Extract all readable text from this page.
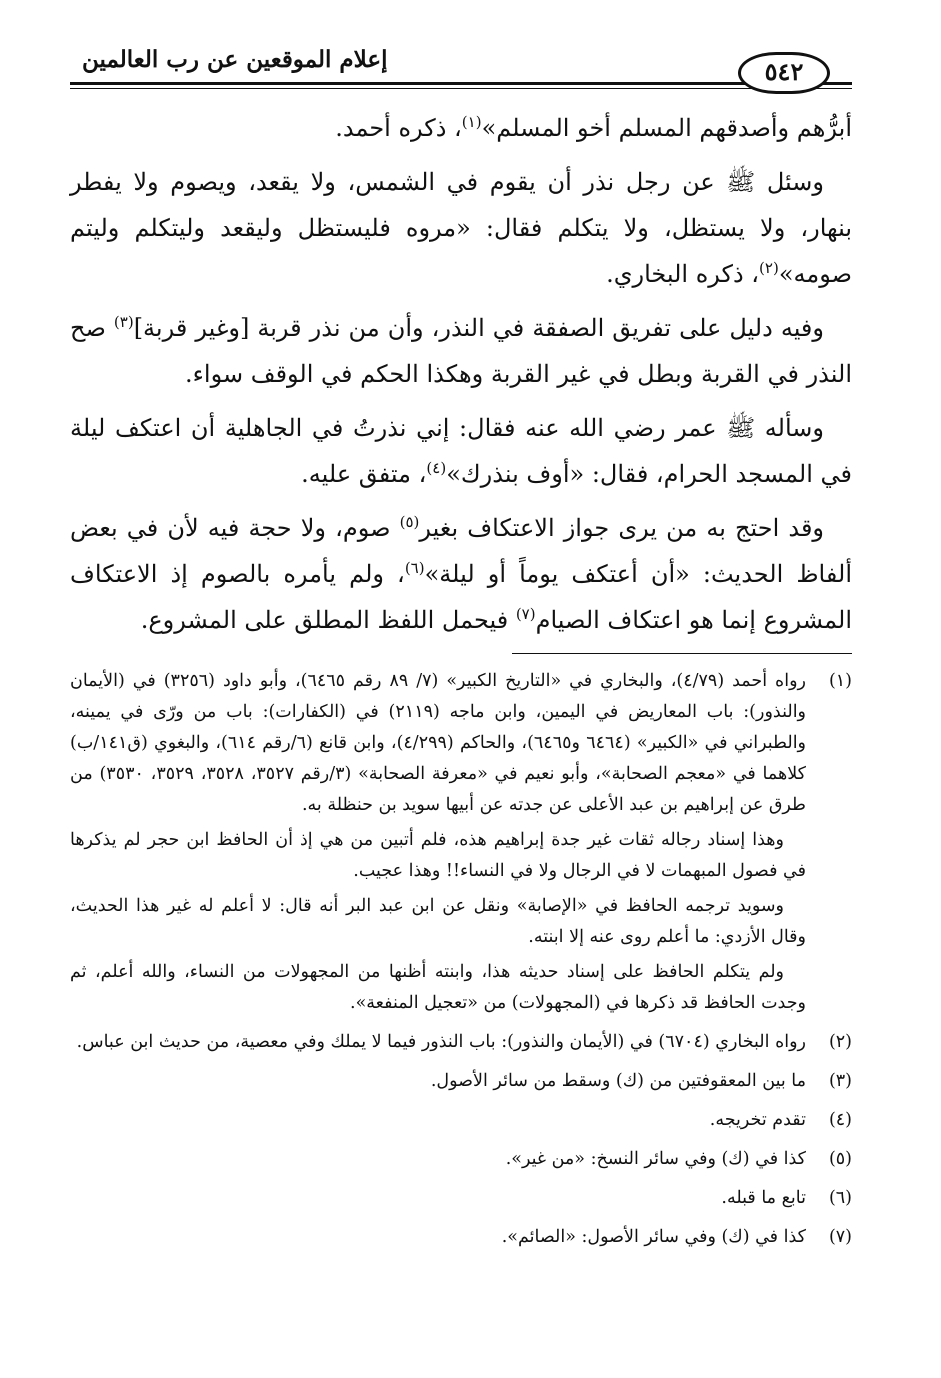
إعلام الموقعين عن رب العالمين	٥٤٢

أبرُّهم وأصدقهم المسلم أخو المسلم»$^{(١)}$، ذكره أحمد.

وسئل ﷺ عن رجل نذر أن يقوم في الشمس، ولا يقعد، ويصوم ولا يفطر بنهار، ولا يستظل، ولا يتكلم فقال: «مروه فليستظل وليقعد وليتكلم وليتم صومه»$^{(٢)}$، ذكره البخاري.

وفيه دليل على تفريق الصفقة في النذر، وأن من نذر قربة [وغير قربة]$^{(٣)}$ صح النذر في القربة وبطل في غير القربة وهكذا الحكم في الوقف سواء.

وسأله ﷺ عمر رضي الله عنه فقال: إني نذرتُ في الجاهلية أن اعتكف ليلة في المسجد الحرام، فقال: «أوف بنذرك»$^{(٤)}$، متفق عليه.

وقد احتج به من يرى جواز الاعتكاف بغير$^{(٥)}$ صوم، ولا حجة فيه لأن في بعض ألفاظ الحديث: «أن أعتكف يوماً أو ليلة»$^{(٦)}$، ولم يأمره بالصوم إذ الاعتكاف المشروع إنما هو اعتكاف الصيام$^{(٧)}$ فيحمل اللفظ المطلق على المشروع.

(١)

رواه أحمد (٤/٧٩)، والبخاري في «التاريخ الكبير» (٧/ ٨٩ رقم ٦٤٦٥)، وأبو داود (٣٢٥٦) في (الأيمان والنذور): باب المعاريض في اليمين، وابن ماجه (٢١١٩) في (الكفارات): باب من ورّى في يمينه، والطبراني في «الكبير» (٦٤٦٤ و٦٤٦٥)، والحاكم (٤/٢٩٩)، وابن قانع (٦/رقم ٦١٤)، والبغوي (ق١٤١/ب) كلاهما في «معجم الصحابة»، وأبو نعيم في «معرفة الصحابة» (٣/رقم ٣٥٢٧، ٣٥٢٨، ٣٥٢٩، ٣٥٣٠) من طرق عن إبراهيم بن عبد الأعلى عن جدته عن أبيها سويد بن حنظلة به.

وهذا إسناد رجاله ثقات غير جدة إبراهيم هذه، فلم أتبين من هي إذ أن الحافظ ابن حجر لم يذكرها في فصول المبهمات لا في الرجال ولا في النساء!! وهذا عجيب.

وسويد ترجمه الحافظ في «الإصابة» ونقل عن ابن عبد البر أنه قال: لا أعلم له غير هذا الحديث، وقال الأزدي: ما أعلم روى عنه إلا ابنته.

ولم يتكلم الحافظ على إسناد حديثه هذا، وابنته أظنها من المجهولات من النساء، والله أعلم، ثم وجدت الحافظ قد ذكرها في (المجهولات) من «تعجيل المنفعة».

(٢)

رواه البخاري (٦٧٠٤) في (الأيمان والنذور): باب النذور فيما لا يملك وفي معصية، من حديث ابن عباس.

(٣)

ما بين المعقوفتين من (ك) وسقط من سائر الأصول.

(٤)

تقدم تخريجه.

(٥)

كذا في (ك) وفي سائر النسخ: «من غير».

(٦)

تابع ما قبله.

(٧)

كذا في (ك) وفي سائر الأصول: «الصائم».
